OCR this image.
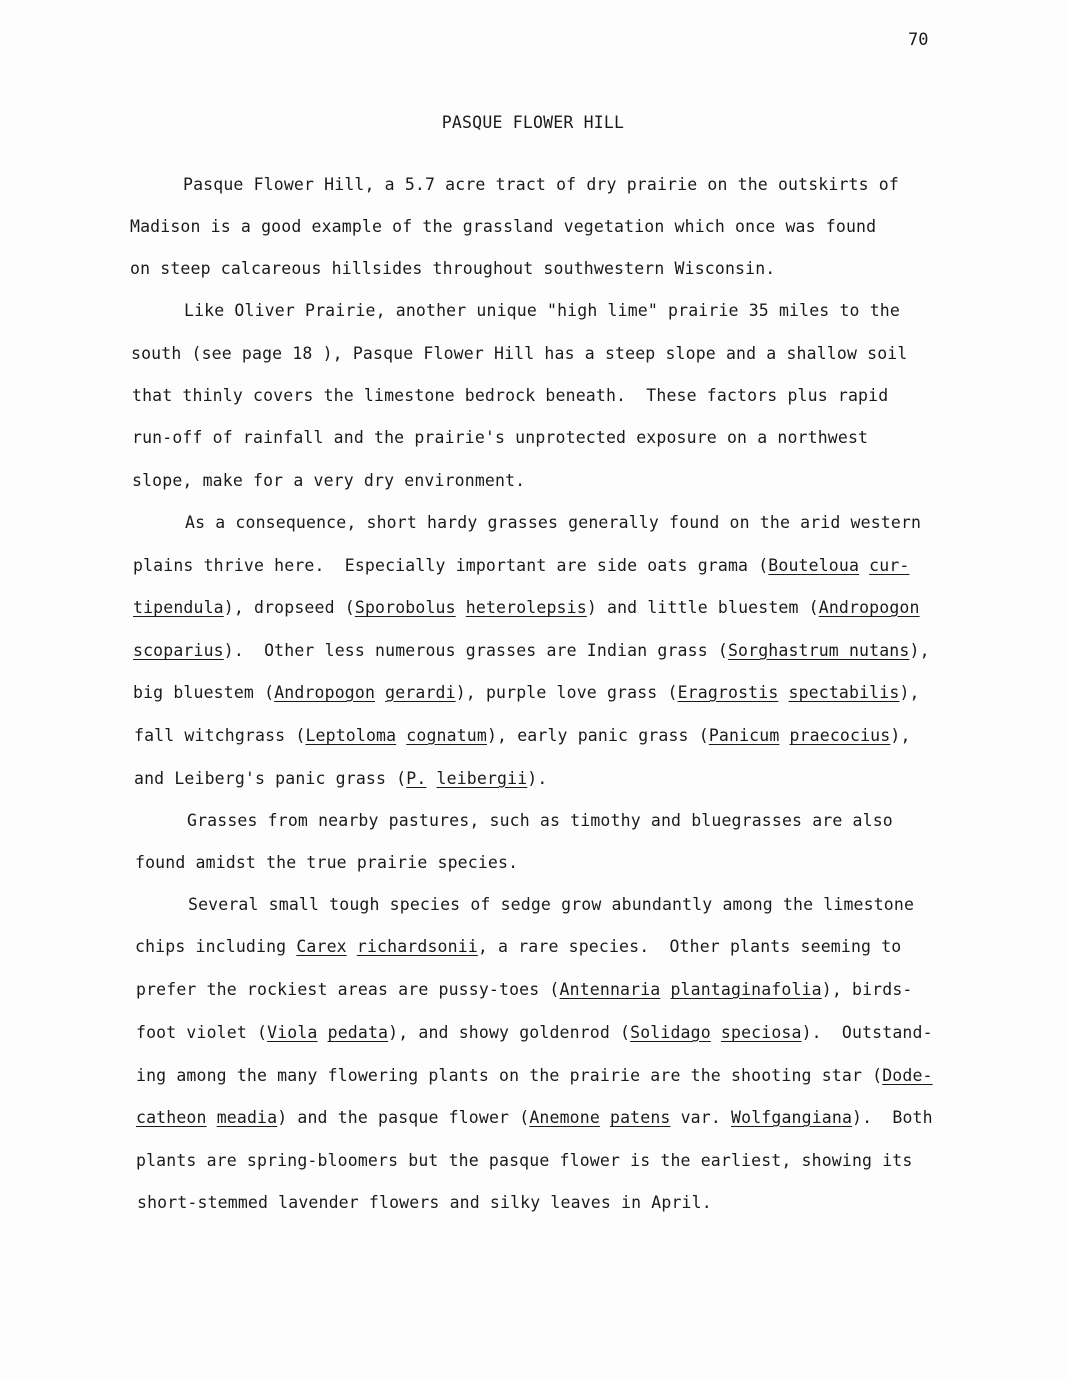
70
PASQUE FLOWER HILL
Pasque Flower Hill, a 5.7 acre tract of dry prairie on the outskirts of
Madison is a good example of the grassland vegetation which once was found
on steep calcareous hillsides throughout southwestern Wisconsin.
Like Oliver Prairie, another unique "high lime" prairie 35 miles to the
south (see page 18 ), Pasque Flower Hill has a steep slope and a shallow soil
that thinly covers the limestone bedrock beneath.  These factors plus rapid
run-off of rainfall and the prairie's unprotected exposure on a northwest
slope, make for a very dry environment.
As a consequence, short hardy grasses generally found on the arid western
plains thrive here.  Especially important are side oats grama (Bouteloua cur-
tipendula), dropseed (Sporobolus heterolepsis) and little bluestem (Andropogon
scoparius).  Other less numerous grasses are Indian grass (Sorghastrum nutans),
big bluestem (Andropogon gerardi), purple love grass (Eragrostis spectabilis),
fall witchgrass (Leptoloma cognatum), early panic grass (Panicum praecocius),
and Leiberg's panic grass (P. leibergii).
Grasses from nearby pastures, such as timothy and bluegrasses are also
found amidst the true prairie species.
Several small tough species of sedge grow abundantly among the limestone
chips including Carex richardsonii, a rare species.  Other plants seeming to
prefer the rockiest areas are pussy-toes (Antennaria plantaginafolia), birds-
foot violet (Viola pedata), and showy goldenrod (Solidago speciosa).  Outstand-
ing among the many flowering plants on the prairie are the shooting star (Dode-
catheon meadia) and the pasque flower (Anemone patens var. Wolfgangiana).  Both
plants are spring-bloomers but the pasque flower is the earliest, showing its
short-stemmed lavender flowers and silky leaves in April.
